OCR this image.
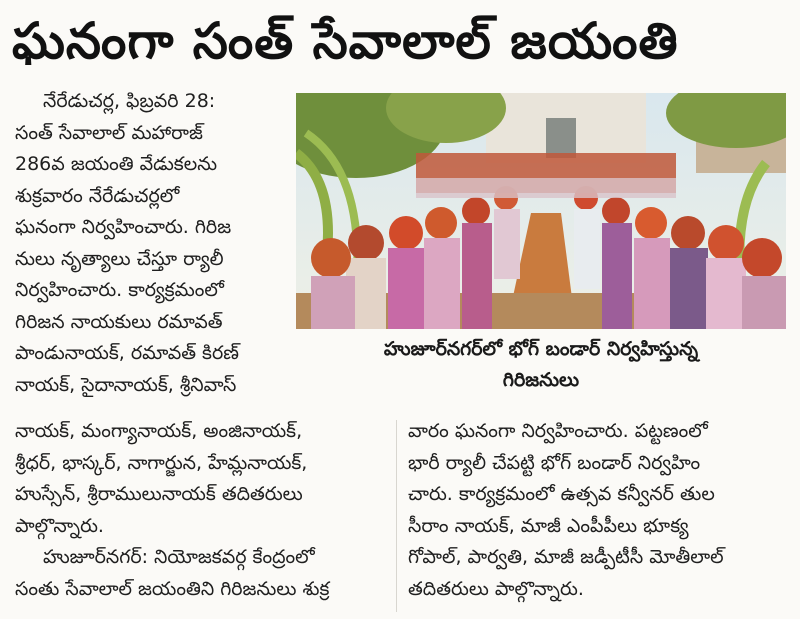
ఘనంగా సంత్ సేవాలాల్ జయంతి

నేరేడుచర్ల, ఫిబ్రవరి 28:

సంత్ సేవాలాల్ మహారాజ్

286వ జయంతి వేడుకలను

శుక్రవారం నేరేడుచర్లలో

ఘనంగా నిర్వహించారు. గిరిజ

నులు నృత్యాలు చేస్తూ ర్యాలీ

నిర్వహించారు. కార్యక్రమంలో

గిరిజన నాయకులు రమావత్

పాండునాయక్, రమావత్ కిరణ్

నాయక్, సైదానాయక్, శ్రీనివాస్

హుజూర్‌నగర్‌లో భోగ్ బండార్ నిర్వహిస్తున్న
గిరిజనులు

నాయక్, మంగ్యానాయక్, అంజినాయక్,

శ్రీధర్, భాస్కర్, నాగార్జున, హేమ్లనాయక్,

హుస్సేన్, శ్రీరాములునాయక్ తదితరులు

పాల్గొన్నారు.

హుజూర్‌నగర్: నియోజకవర్గ కేంద్రంలో

సంతు సేవాలాల్ జయంతిని గిరిజనులు శుక్ర

వారం ఘనంగా నిర్వహించారు. పట్టణంలో

భారీ ర్యాలీ చేపట్టి భోగ్ బండార్ నిర్వహిం

చారు. కార్యక్రమంలో ఉత్సవ కన్వీనర్ తుల

సీరాం నాయక్, మాజీ ఎంపీపీలు భూక్య

గోపాల్, పార్వతి, మాజీ జడ్పీటీసీ మోతీలాల్

తదితరులు పాల్గొన్నారు.
